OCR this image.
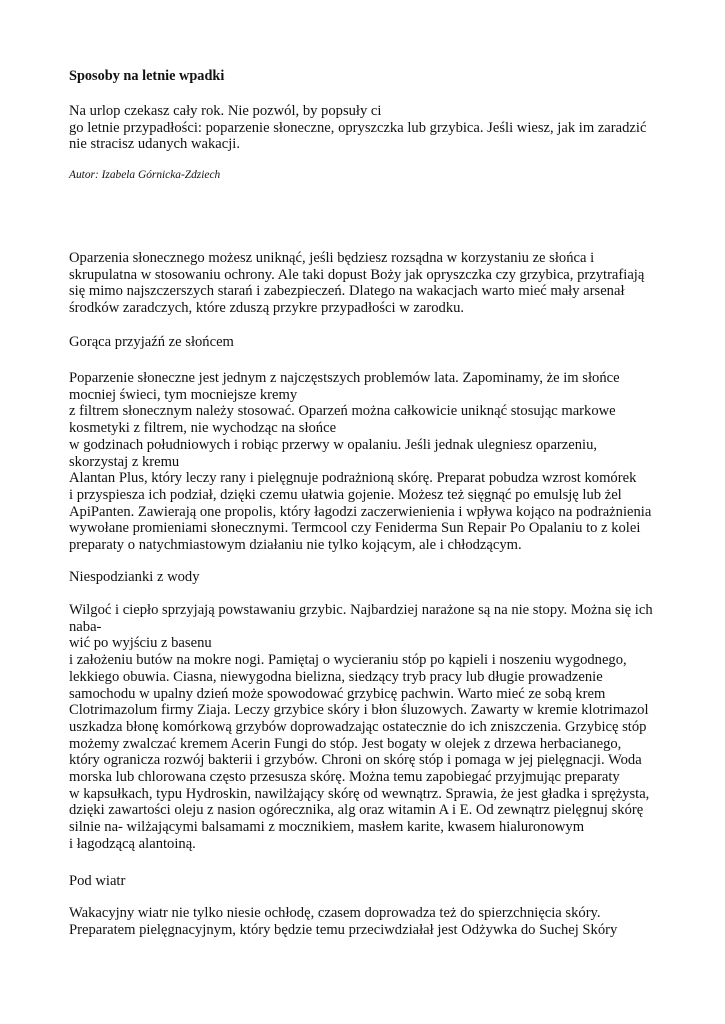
Sposoby na letnie wpadki

Na urlop czekasz cały rok. Nie pozwól, by popsuły ci

go letnie przypadłości: poparzenie słoneczne, opryszczka lub grzybica. Jeśli wiesz, jak im zaradzić

nie stracisz udanych wakacji.

Autor: Izabela Górnicka-Zdziech

Oparzenia słonecznego możesz uniknąć, jeśli będziesz rozsądna w korzystaniu ze słońca i

skrupulatna w stosowaniu ochrony. Ale taki dopust Boży jak opryszczka czy grzybica, przytrafiają

się mimo najszczerszych starań i zabezpieczeń. Dlatego na wakacjach warto mieć mały arsenał

środków zaradczych, które zduszą przykre przypadłości w zarodku.

Gorąca przyjaźń ze słońcem

Poparzenie słoneczne jest jednym z najczęstszych problemów lata. Zapominamy, że im słońce

mocniej świeci, tym mocniejsze kremy

z filtrem słonecznym należy stosować. Oparzeń można całkowicie uniknąć stosując markowe

kosmetyki z filtrem, nie wychodząc na słońce

w godzinach południowych i robiąc przerwy w opalaniu. Jeśli jednak ulegniesz oparzeniu,

skorzystaj z kremu

Alantan Plus, który leczy rany i pielęgnuje podrażnioną skórę. Preparat pobudza wzrost komórek

i przyspiesza ich podział, dzięki czemu ułatwia gojenie. Możesz też sięgnąć po emulsję lub żel

ApiPanten. Zawierają one propolis, który łagodzi zaczerwienienia i wpływa kojąco na podrażnienia

wywołane promieniami słonecznymi. Termcool czy Feniderma Sun Repair Po Opalaniu to z kolei

preparaty o natychmiastowym działaniu nie tylko kojącym, ale i chłodzącym.

Niespodzianki z wody

Wilgoć i ciepło sprzyjają powstawaniu grzybic. Najbardziej narażone są na nie stopy. Można się ich

naba-

wić po wyjściu z basenu

i założeniu butów na mokre nogi. Pamiętaj o wycieraniu stóp po kąpieli i noszeniu wygodnego,

lekkiego obuwia. Ciasna, niewygodna bielizna, siedzący tryb pracy lub długie prowadzenie

samochodu w upalny dzień może spowodować grzybicę pachwin. Warto mieć ze sobą krem

Clotrimazolum firmy Ziaja. Leczy grzybice skóry i błon śluzowych. Zawarty w kremie klotrimazol

uszkadza błonę komórkową grzybów doprowadzając ostatecznie do ich zniszczenia. Grzybicę stóp

możemy zwalczać kremem Acerin Fungi do stóp. Jest bogaty w olejek z drzewa herbacianego,

który ogranicza rozwój bakterii i grzybów. Chroni on skórę stóp i pomaga w jej pielęgnacji. Woda

morska lub chlorowana często przesusza skórę. Można temu zapobiegać przyjmując preparaty

w kapsułkach, typu Hydroskin, nawilżający skórę od wewnątrz. Sprawia, że jest gładka i sprężysta,

dzięki zawartości oleju z nasion ogórecznika, alg oraz witamin A i E. Od zewnątrz pielęgnuj skórę

silnie na- wilżającymi balsamami z mocznikiem, masłem karite, kwasem hialuronowym

i łagodzącą alantoiną.

Pod wiatr

Wakacyjny wiatr nie tylko niesie ochłodę, czasem doprowadza też do spierzchnięcia skóry.

Preparatem pielęgnacyjnym, który będzie temu przeciwdziałał jest Odżywka do Suchej Skóry
